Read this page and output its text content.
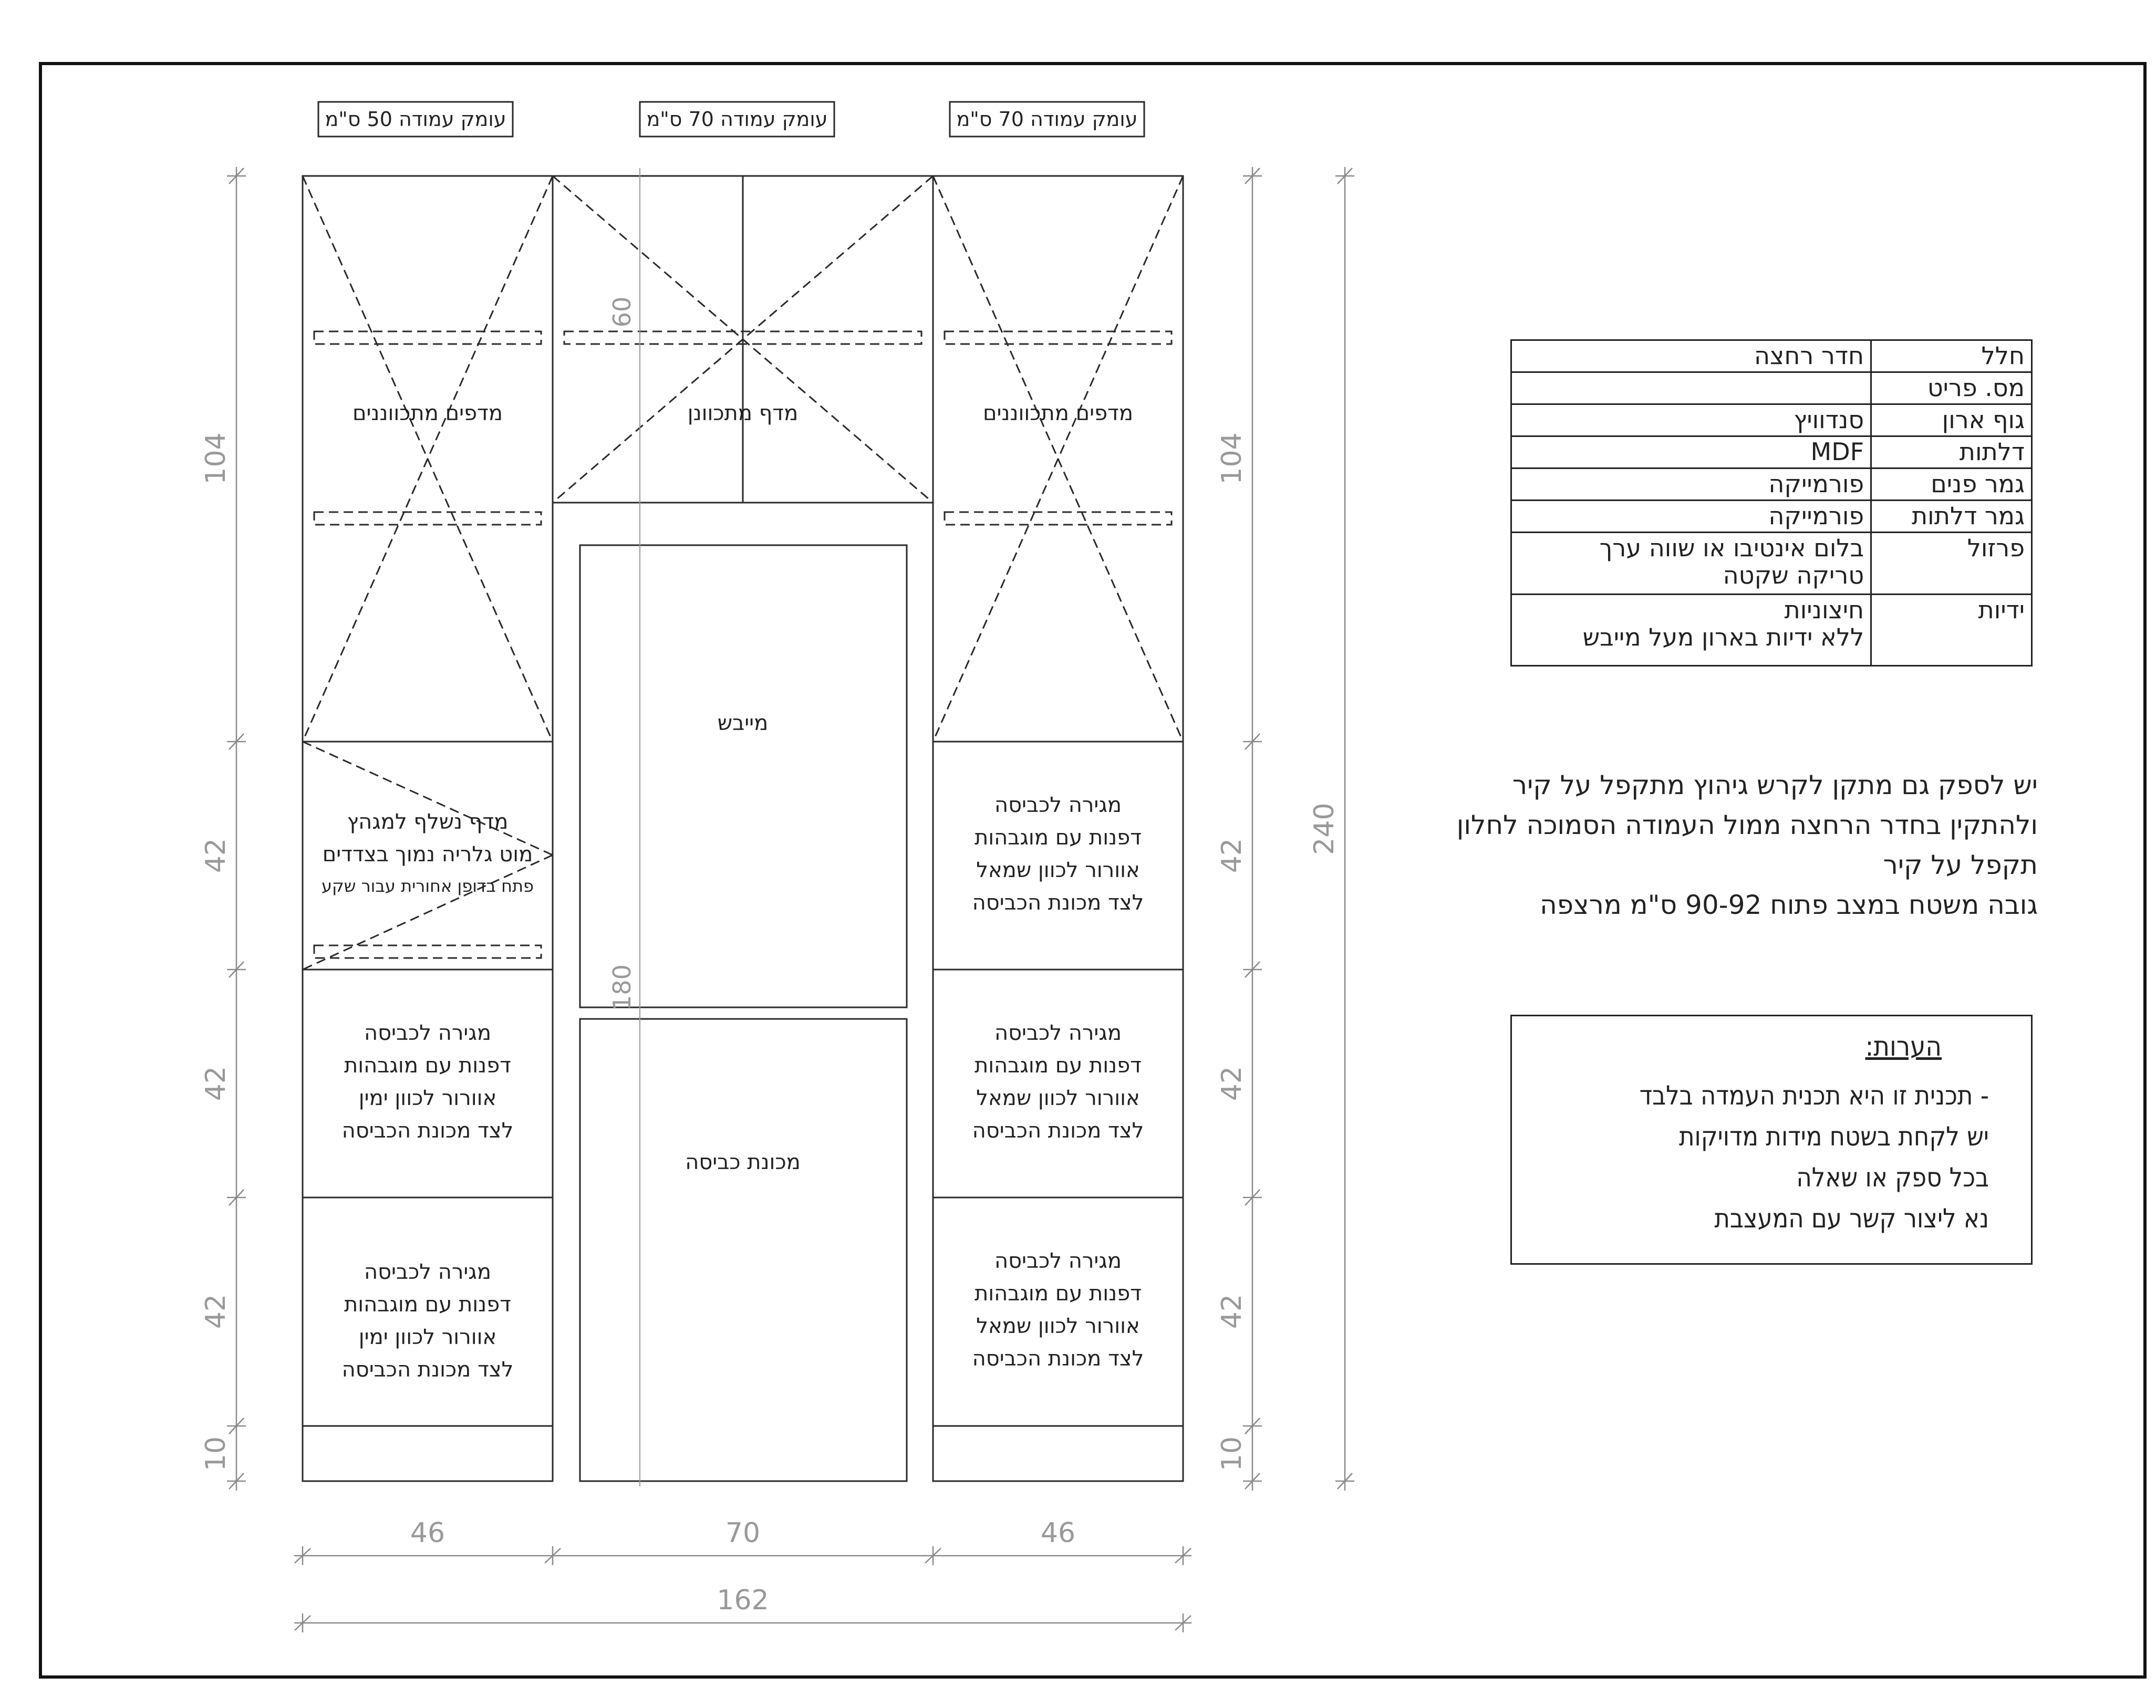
עומק עמודה 50 ס"מ	עומק עמודה 70 ס"מ	עומק עמודה 70 ס"מ
מדפים מתכווננים
מדף נשלף למגהץ
מוט גלריה נמוך בצדדים
פתח בדופן אחורית עבור שקע
מגירה לכביסה
דפנות עם מוגבהות
אוורור לכוון ימין
לצד מכונת הכביסה
מגירה לכביסה
דפנות עם מוגבהות
אוורור לכוון ימין
לצד מכונת הכביסה
מדף מתכוונן
מייבש
מכונת כביסה
60
180
מדפים מתכווננים
מגירה לכביסה
דפנות עם מוגבהות
אוורור לכוון שמאל
לצד מכונת הכביסה
מגירה לכביסה
דפנות עם מוגבהות
אוורור לכוון שמאל
לצד מכונת הכביסה
מגירה לכביסה
דפנות עם מוגבהות
אוורור לכוון שמאל
לצד מכונת הכביסה
104
42
42
42
10
104
42
42
42
10
240
46	70	46
162
חלל	חדר רחצה
מס. פריט	
גוף ארון	סנדוויץ
דלתות	MDF
גמר פנים	פורמייקה
גמר דלתות	פורמייקה
פרזול	בלום אינטיבו או שווה ערך
טריקה שקטה

ידיות	חיצוניות
ללא ידיות בארון מעל מייבש
יש לספק גם מתקן לקרש גיהוץ מתקפל על קיר
ולהתקין בחדר הרחצה ממול העמודה הסמוכה לחלון
תקפל על קיר
גובה משטח במצב פתוח 90-92 ס"מ מרצפה
הערות:
- תכנית זו היא תכנית העמדה בלבד
יש לקחת בשטח מידות מדויקות
בכל ספק או שאלה
נא ליצור קשר עם המעצבת
